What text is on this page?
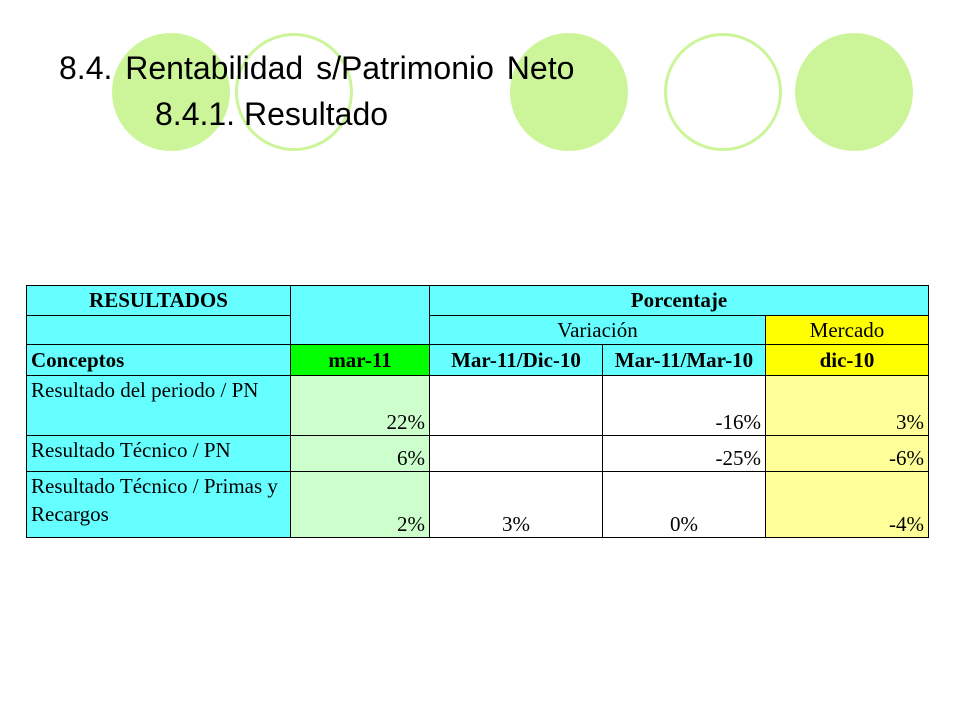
8.4. Rentabilidad s/Patrimonio Neto
8.4.1. Resultado
RESULTADOS		Porcentaje		
		Variación		Mercado
Conceptos	mar-11	Mar-11/Dic-10	Mar-11/Mar-10	dic-10
Resultado del periodo / PN	22%		-16%	3%
Resultado Técnico / PN	6%		-25%	-6%

Resultado Técnico / Primas y Recargos	2%	3%	0%	-4%
